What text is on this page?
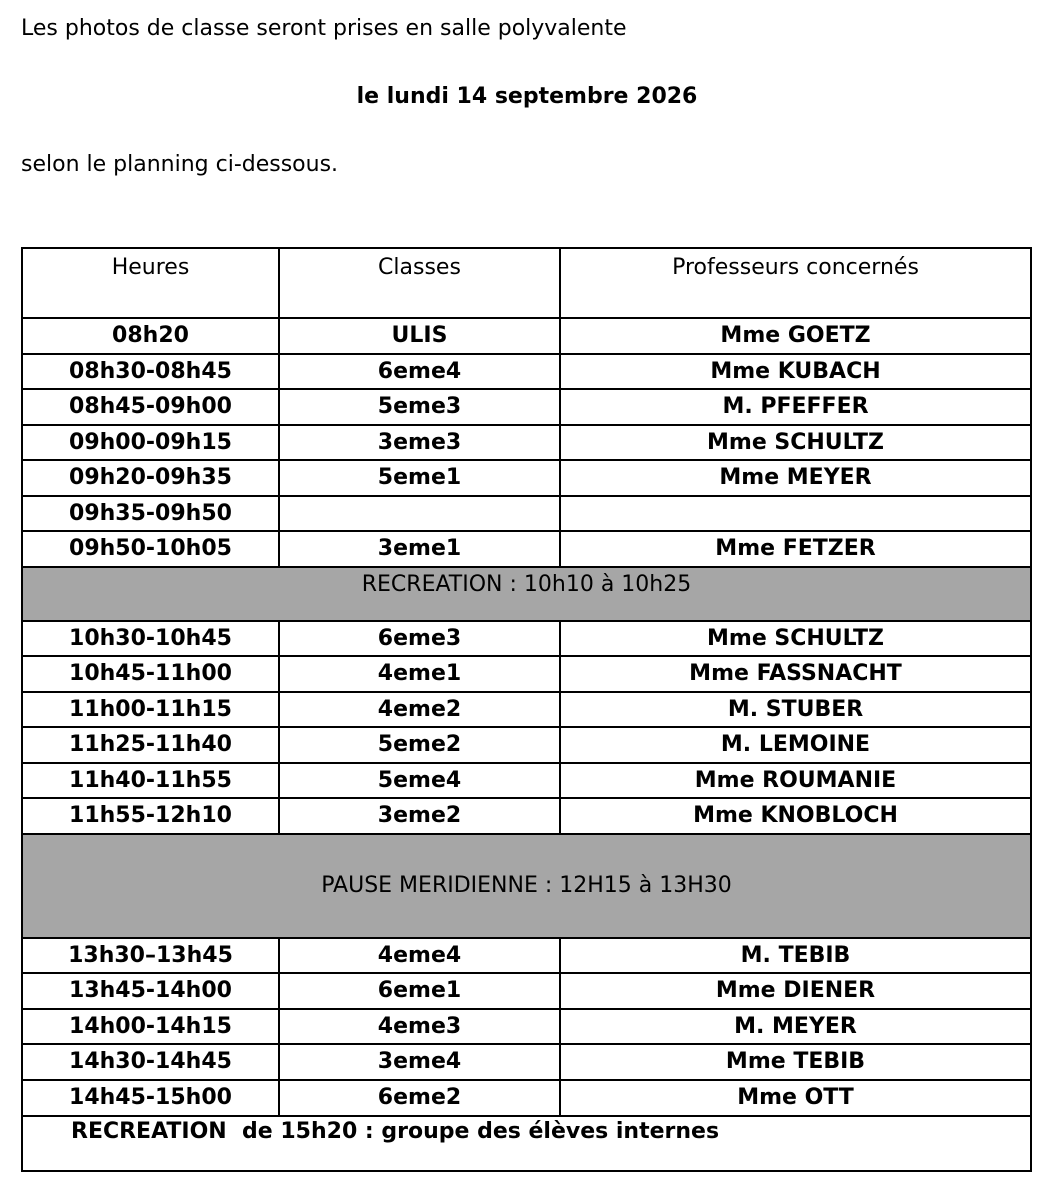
Les photos de classe seront prises en salle polyvalente

le lundi 14 septembre 2026

selon le planning ci-dessous.

Heures	Classes	Professeurs concernés
08h20	ULIS	Mme GOETZ
08h30-08h45	6eme4	Mme KUBACH
08h45-09h00	5eme3	M. PFEFFER
09h00-09h15	3eme3	Mme SCHULTZ
09h20-09h35	5eme1	Mme MEYER
09h35-09h50		
09h50-10h05	3eme1	Mme FETZER
RECREATION : 10h10 à 10h25		
10h30-10h45	6eme3	Mme SCHULTZ
10h45-11h00	4eme1	Mme FASSNACHT
11h00-11h15	4eme2	M. STUBER
11h25-11h40	5eme2	M. LEMOINE
11h40-11h55	5eme4	Mme ROUMANIE
11h55-12h10	3eme2	Mme KNOBLOCH
PAUSE MERIDIENNE : 12H15 à 13H30		
13h30–13h45	4eme4	M. TEBIB
13h45-14h00	6eme1	Mme DIENER
14h00-14h15	4eme3	M. MEYER
14h30-14h45	3eme4	Mme TEBIB
14h45-15h00	6eme2	Mme OTT
RECREATION  de 15h20 : groupe des élèves internes		
